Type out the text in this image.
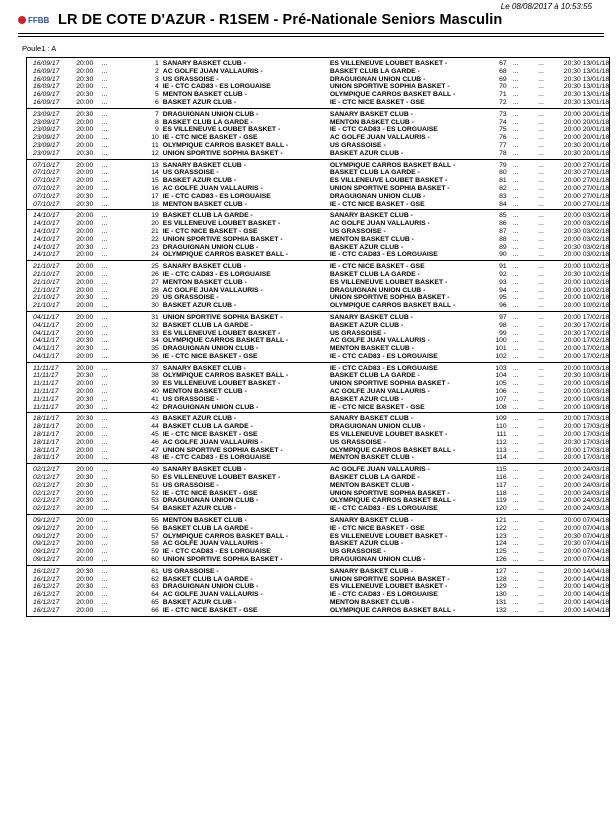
Le 08/08/2017 à 10:53:55
FFBB LR DE COTE D'AZUR - R1SEM - Pré-Nationale Seniors Masculin
Poule1 : A
16/09/17	20:00	...	1 SANARY BASKET CLUB -	ES VILLENEUVE LOUBET BASKET -	67 ...	...	20:30 13/01/18
16/09/17	20:00	...	2 AC GOLFE JUAN VALLAURIS -	BASKET CLUB LA GARDE -	68 ...	...	20:30 13/01/18
16/09/17	20:30	...	3 US GRASSOISE -	DRAGUIGNAN UNION CLUB -	69 ...	...	20:30 13/01/18
16/09/17	20:00	...	4 IE - CTC CAD83 - ES LORGUAISE	UNION SPORTIVE SOPHIA BASKET -	70 ...	...	20:30 13/01/18
16/09/17	20:30	...	5 MENTON BASKET CLUB -	OLYMPIQUE CARROS BASKET BALL -	71 ...	...	20:30 13/01/18
16/09/17	20:00	...	6 BASKET AZUR CLUB -	IE - CTC NICE BASKET - GSE	72 ...	...	20:30 13/01/18
23/09/17	20:30	...	7 DRAGUIGNAN UNION CLUB -	SANARY BASKET CLUB -	73 ...	...	20:00 20/01/18
23/09/17	20:00	...	8 BASKET CLUB LA GARDE -	MENTON BASKET CLUB -	74 ...	...	20:00 20/01/18
23/09/17	20:00	...	9 ES VILLENEUVE LOUBET BASKET -	IE - CTC CAD83 - ES LORGUAISE	75 ...	...	20:00 20/01/18
23/09/17	20:00	...	10 IE - CTC NICE BASKET - GSE	AC GOLFE JUAN VALLAURIS -	76 ...	...	20:00 20/01/18
23/09/17	20:00	...	11 OLYMPIQUE CARROS BASKET BALL -	US GRASSOISE -	77 ...	...	20:30 20/01/18
23/09/17	20:30	...	12 UNION SPORTIVE SOPHIA BASKET -	BASKET AZUR CLUB -	78 ...	...	20:30 20/01/18
07/10/17	20:00	...	13 SANARY BASKET CLUB -	OLYMPIQUE CARROS BASKET BALL -	79 ...	...	20:00 27/01/18
07/10/17	20:00	...	14 US GRASSOISE -	BASKET CLUB LA GARDE -	80 ...	...	20:30 27/01/18
07/10/17	20:00	...	15 BASKET AZUR CLUB -	ES VILLENEUVE LOUBET BASKET -	81 ...	...	20:00 27/01/18
07/10/17	20:00	...	16 AC GOLFE JUAN VALLAURIS -	UNION SPORTIVE SOPHIA BASKET -	82 ...	...	20:00 27/01/18
07/10/17	20:30	...	17 IE - CTC CAD83 - ES LORGUAISE	DRAGUIGNAN UNION CLUB -	83 ...	...	20:00 27/01/18
07/10/17	20:30	...	18 MENTON BASKET CLUB -	IE - CTC NICE BASKET - GSE	84 ...	...	20:00 27/01/18
14/10/17	20:00	...	19 BASKET CLUB LA GARDE -	SANARY BASKET CLUB -	85 ...	...	20:00 03/02/18
14/10/17	20:00	...	20 ES VILLENEUVE LOUBET BASKET -	AC GOLFE JUAN VALLAURIS -	86 ...	...	20:00 03/02/18
14/10/17	20:00	...	21 IE - CTC NICE BASKET - GSE	US GRASSOISE -	87 ...	...	20:30 03/02/18
14/10/17	20:00	...	22 UNION SPORTIVE SOPHIA BASKET -	MENTON BASKET CLUB -	88 ...	...	20:00 03/02/18
14/10/17	20:30	...	23 DRAGUIGNAN UNION CLUB -	BASKET AZUR CLUB -	89 ...	...	20:30 03/02/18
14/10/17	20:00	...	24 OLYMPIQUE CARROS BASKET BALL -	IE - CTC CAD83 - ES LORGUAISE	90 ...	...	20:00 03/02/18
21/10/17	20:00	...	25 SANARY BASKET CLUB -	IE - CTC NICE BASKET - GSE	91 ...	...	20:00 10/02/18
21/10/17	20:00	...	26 IE - CTC CAD83 - ES LORGUAISE	BASKET CLUB LA GARDE -	92 ...	...	20:30 10/02/18
21/10/17	20:00	...	27 MENTON BASKET CLUB -	ES VILLENEUVE LOUBET BASKET -	93 ...	...	20:00 10/02/18
21/10/17	20:00	...	28 AC GOLFE JUAN VALLAURIS -	DRAGUIGNAN UNION CLUB -	94 ...	...	20:00 10/02/18
21/10/17	20:30	...	29 US GRASSOISE -	UNION SPORTIVE SOPHIA BASKET -	95 ...	...	20:00 10/02/18
21/10/17	20:00	...	30 BASKET AZUR CLUB -	OLYMPIQUE CARROS BASKET BALL -	96 ...	...	20:00 10/02/18
04/11/17	20:00	...	31 UNION SPORTIVE SOPHIA BASKET -	SANARY BASKET CLUB -	97 ...	...	20:00 17/02/18
04/11/17	20:00	...	32 BASKET CLUB LA GARDE -	BASKET AZUR CLUB -	98 ...	...	20:30 17/02/18
04/11/17	20:00	...	33 ES VILLENEUVE LOUBET BASKET -	US GRASSOISE -	99 ...	...	20:30 17/02/18
04/11/17	20:30	...	34 OLYMPIQUE CARROS BASKET BALL -	AC GOLFE JUAN VALLAURIS -	100 ...	...	20:00 17/02/18
04/11/17	20:30	...	35 DRAGUIGNAN UNION CLUB -	MENTON BASKET CLUB -	101 ...	...	20:00 17/02/18
04/11/17	20:00	...	36 IE - CTC NICE BASKET - GSE	IE - CTC CAD83 - ES LORGUAISE	102 ...	...	20:00 17/02/18
11/11/17	20:00	...	37 SANARY BASKET CLUB -	IE - CTC CAD83 - ES LORGUAISE	103 ...	...	20:00 10/03/18
11/11/17	20:30	...	38 OLYMPIQUE CARROS BASKET BALL -	BASKET CLUB LA GARDE -	104 ...	...	20:30 10/03/18
11/11/17	20:00	...	39 ES VILLENEUVE LOUBET BASKET -	UNION SPORTIVE SOPHIA BASKET -	105 ...	...	20:00 10/03/18
11/11/17	20:00	...	40 MENTON BASKET CLUB -	AC GOLFE JUAN VALLAURIS -	106 ...	...	20:00 10/03/18
11/11/17	20:30	...	41 US GRASSOISE -	BASKET AZUR CLUB -	107 ...	...	20:00 10/03/18
11/11/17	20:30	...	42 DRAGUIGNAN UNION CLUB -	IE - CTC NICE BASKET - GSE	108 ...	...	20:00 10/03/18
18/11/17	20:30	...	43 BASKET AZUR CLUB -	SANARY BASKET CLUB -	109 ...	...	20:00 17/03/18
18/11/17	20:00	...	44 BASKET CLUB LA GARDE -	DRAGUIGNAN UNION CLUB -	110 ...	...	20:00 17/03/18
18/11/17	20:00	...	45 IE - CTC NICE BASKET - GSE	ES VILLENEUVE LOUBET BASKET -	111 ...	...	20:00 17/03/18
18/11/17	20:00	...	46 AC GOLFE JUAN VALLAURIS -	US GRASSOISE -	112 ...	...	20:30 17/03/18
18/11/17	20:00	...	47 UNION SPORTIVE SOPHIA BASKET -	OLYMPIQUE CARROS BASKET BALL -	113 ...	...	20:00 17/03/18
18/11/17	20:00	...	48 IE - CTC CAD83 - ES LORGUAISE	MENTON BASKET CLUB -	114 ...	...	20:00 17/03/18
02/12/17	20:00	...	49 SANARY BASKET CLUB -	AC GOLFE JUAN VALLAURIS -	115 ...	...	20:00 24/03/18
02/12/17	20:30	...	50 ES VILLENEUVE LOUBET BASKET -	BASKET CLUB LA GARDE -	116 ...	...	20:00 24/03/18
02/12/17	20:30	...	51 US GRASSOISE -	MENTON BASKET CLUB -	117 ...	...	20:00 24/03/18
02/12/17	20:00	...	52 IE - CTC NICE BASKET - GSE	UNION SPORTIVE SOPHIA BASKET -	118 ...	...	20:00 24/03/18
02/12/17	20:30	...	53 DRAGUIGNAN UNION CLUB -	OLYMPIQUE CARROS BASKET BALL -	119 ...	...	20:00 24/03/18
02/12/17	20:00	...	54 BASKET AZUR CLUB -	IE - CTC CAD83 - ES LORGUAISE	120 ...	...	20:00 24/03/18
09/12/17	20:00	...	55 MENTON BASKET CLUB -	SANARY BASKET CLUB -	121 ...	...	20:00 07/04/18
09/12/17	20:00	...	56 BASKET CLUB LA GARDE -	IE - CTC NICE BASKET - GSE	122 ...	...	20:00 07/04/18
09/12/17	20:00	...	57 OLYMPIQUE CARROS BASKET BALL -	ES VILLENEUVE LOUBET BASKET -	123 ...	...	20:30 07/04/18
09/12/17	20:00	...	58 AC GOLFE JUAN VALLAURIS -	BASKET AZUR CLUB -	124 ...	...	20:30 07/04/18
09/12/17	20:00	...	59 IE - CTC CAD83 - ES LORGUAISE	US GRASSOISE -	125 ...	...	20:00 07/04/18
09/12/17	20:00	...	60 UNION SPORTIVE SOPHIA BASKET -	DRAGUIGNAN UNION CLUB -	126 ...	...	20:00 07/04/18
16/12/17	20:30	...	61 US GRASSOISE -	SANARY BASKET CLUB -	127 ...	...	20:00 14/04/18
16/12/17	20:00	...	62 BASKET CLUB LA GARDE -	UNION SPORTIVE SOPHIA BASKET -	128 ...	...	20:00 14/04/18
16/12/17	20:30	...	63 DRAGUIGNAN UNION CLUB -	ES VILLENEUVE LOUBET BASKET -	129 ...	...	20:00 14/04/18
16/12/17	20:00	...	64 AC GOLFE JUAN VALLAURIS -	IE - CTC CAD83 - ES LORGUAISE	130 ...	...	20:00 14/04/18
16/12/17	20:00	...	65 BASKET AZUR CLUB -	MENTON BASKET CLUB -	131 ...	...	20:00 14/04/18
16/12/17	20:00	...	66 IE - CTC NICE BASKET - GSE	OLYMPIQUE CARROS BASKET BALL -	132 ...	...	20:00 14/04/18
